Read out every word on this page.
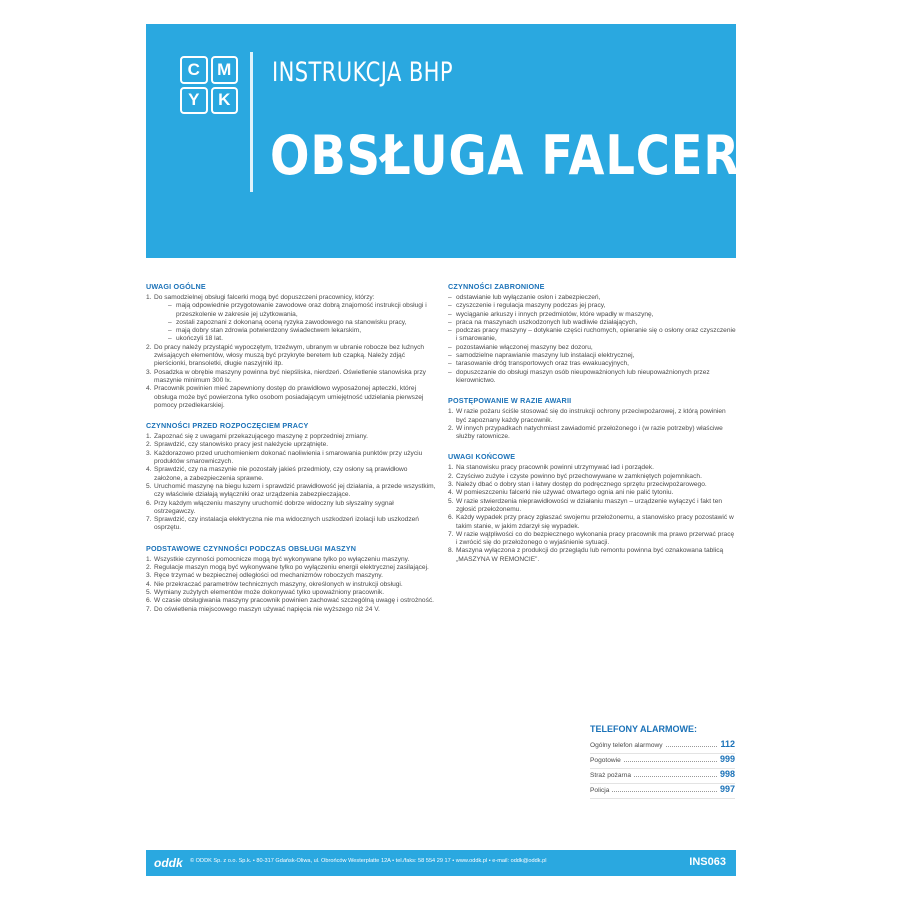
C	M
Y	K
INSTRUKCJA BHP
OBSŁUGA FALCERKI
UWAGI OGÓLNE
1. Do samodzielnej obsługi falcerki mogą być dopuszczeni pracownicy, którzy:
– mają odpowiednie przygotowanie zawodowe oraz dobrą znajomość instrukcji obsługi i przeszkolenie w zakresie jej użytkowania,
– zostali zapoznani z dokonaną oceną ryzyka zawodowego na stanowisku pracy,
– mają dobry stan zdrowia potwierdzony świadectwem lekarskim,
– ukończyli 18 lat.
2. Do pracy należy przystąpić wypoczętym, trzeźwym, ubranym w ubranie robocze bez luźnych zwisających elementów, włosy muszą być przykryte beretem lub czapką. Należy zdjąć pierścionki, bransoletki, długie naszyjniki itp.
3. Posadzka w obrębie maszyny powinna być niepśliska, nierdzeń. Oświetlenie stanowiska przy maszynie minimum 300 lx.
4. Pracownik powinien mieć zapewniony dostęp do prawidłowo wyposażonej apteczki, której obsługa może być powierzona tylko osobom posiadającym umiejętność udzielania pierwszej pomocy przedlekarskiej.
CZYNNOŚCI PRZED ROZPOCZĘCIEM PRACY
1. Zapoznać się z uwagami przekazującego maszynę z poprzedniej zmiany.
2. Sprawdzić, czy stanowisko pracy jest należycie uprzątnięte.
3. Każdorazowo przed uruchomieniem dokonać naoliwienia i smarowania punktów przy użyciu produktów smarowniczych.
4. Sprawdzić, czy na maszynie nie pozostały jakieś przedmioty, czy osłony są prawidłowo założone, a zabezpieczenia sprawne.
5. Uruchomić maszynę na biegu luzem i sprawdzić prawidłowość jej działania, a przede wszystkim, czy właściwie działają wyłączniki oraz urządzenia zabezpieczające.
6. Przy każdym włączeniu maszyny uruchomić dobrze widoczny lub słyszalny sygnał ostrzegawczy.
7. Sprawdzić, czy instalacja elektryczna nie ma widocznych uszkodzeń izolacji lub uszkodzeń osprzętu.
PODSTAWOWE CZYNNOŚCI PODCZAS OBSŁUGI MASZYN
1. Wszystkie czynności pomocnicze mogą być wykonywane tylko po wyłączeniu maszyny.
2. Regulacje maszyn mogą być wykonywane tylko po wyłączeniu energii elektrycznej zasilającej.
3. Ręce trzymać w bezpiecznej odległości od mechanizmów roboczych maszyny.
4. Nie przekraczać parametrów technicznych maszyny, określonych w instrukcji obsługi.
5. Wymiany zużytych elementów może dokonywać tylko upoważniony pracownik.
6. W czasie obsługiwania maszyny pracownik powinien zachować szczególną uwagę i ostrożność.
7. Do oświetlenia miejscowego maszyn używać napięcia nie wyższego niż 24 V.
CZYNNOŚCI ZABRONIONE
– odstawianie lub wyłączanie osłon i zabezpieczeń,
– czyszczenie i regulacja maszyny podczas jej pracy,
– wyciąganie arkuszy i innych przedmiotów, które wpadły w maszynę,
– praca na maszynach uszkodzonych lub wadliwie działających,
– podczas pracy maszyny – dotykanie części ruchomych, opieranie się o osłony oraz czyszczenie i smarowanie,
– pozostawianie włączonej maszyny bez dozoru,
– samodzielne naprawianie maszyny lub instalacji elektrycznej,
– tarasowanie dróg transportowych oraz tras ewakuacyjnych,
– dopuszczanie do obsługi maszyn osób nieupoważnionych lub nieupoważnionych przez kierownictwo.
POSTĘPOWANIE W RAZIE AWARII
1. W razie pożaru ściśle stosować się do instrukcji ochrony przeciwpożarowej, z którą powinien być zapoznany każdy pracownik.
2. W innych przypadkach natychmiast zawiadomić przełożonego i (w razie potrzeby) właściwe służby ratownicze.
UWAGI KOŃCOWE
1. Na stanowisku pracy pracownik powinni utrzymywać ład i porządek.
2. Czyściwo zużyte i czyste powinno być przechowywane w zamkniętych pojemnikach.
3. Należy dbać o dobry stan i łatwy dostęp do podręcznego sprzętu przeciwpożarowego.
4. W pomieszczeniu falcerki nie używać otwartego ognia ani nie palić tytoniu.
5. W razie stwierdzenia nieprawidłowości w działaniu maszyn – urządzenie wyłączyć i fakt ten zgłosić przełożonemu.
6. Każdy wypadek przy pracy zgłaszać swojemu przełożonemu, a stanowisko pracy pozostawić w takim stanie, w jakim zdarzył się wypadek.
7. W razie wątpliwości co do bezpiecznego wykonania pracy pracownik ma prawo przerwać pracę i zwrócić się do przełożonego o wyjaśnienie sytuacji.
8. Maszyna wyłączona z produkcji do przeglądu lub remontu powinna być oznakowana tablicą „MASZYNA W REMONCIE”.
TELEFONY ALARMOWE:
Ogólny telefon alarmowy	112
Pogotowie	999
Straż pożarna	998
Policja	997
oddk © ODDK Sp. z o.o. Sp.k. • 80-317 Gdańsk-Oliwa, ul. Obrońców Westerplatte 12A • tel./faks: 58 554 29 17 • www.oddk.pl • e-mail: oddk@oddk.pl	INS063
